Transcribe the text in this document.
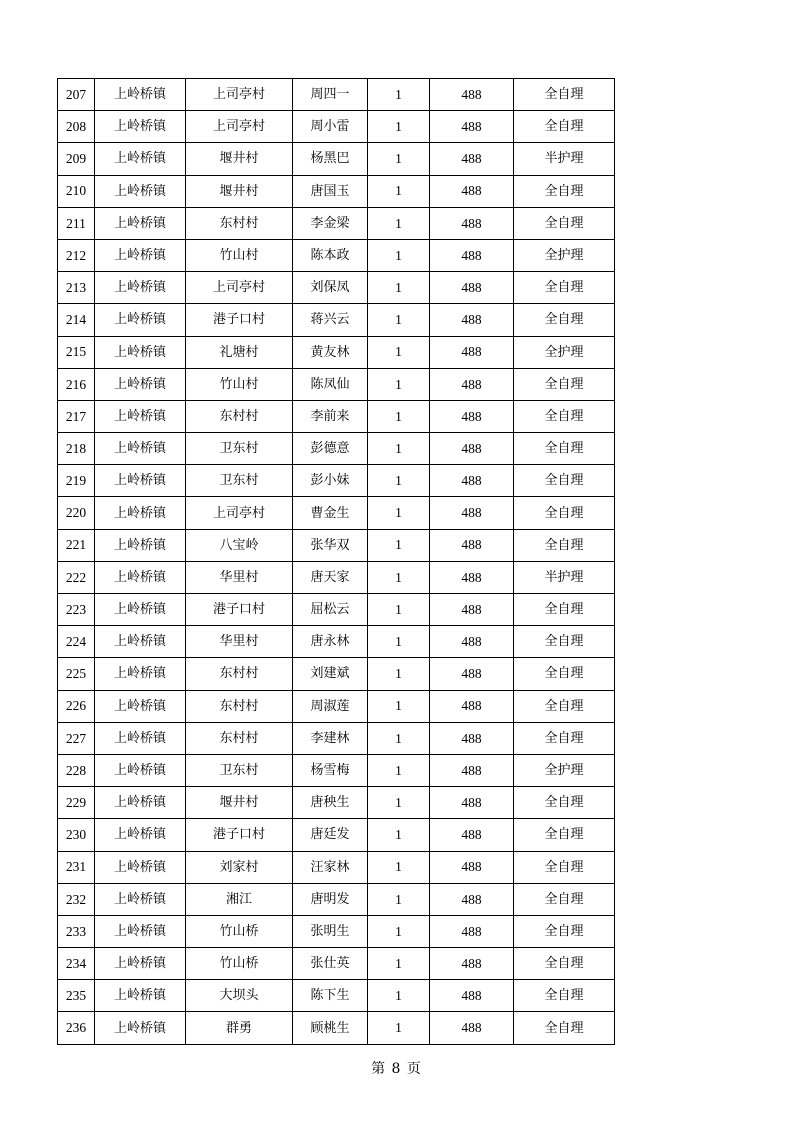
207	上岭桥镇	上司亭村	周四一	1	488	全自理
208	上岭桥镇	上司亭村	周小雷	1	488	全自理
209	上岭桥镇	堰井村	杨黑巴	1	488	半护理
210	上岭桥镇	堰井村	唐国玉	1	488	全自理
211	上岭桥镇	东村村	李金梁	1	488	全自理
212	上岭桥镇	竹山村	陈本政	1	488	全护理
213	上岭桥镇	上司亭村	刘保凤	1	488	全自理
214	上岭桥镇	港子口村	蒋兴云	1	488	全自理
215	上岭桥镇	礼塘村	黄友林	1	488	全护理
216	上岭桥镇	竹山村	陈凤仙	1	488	全自理
217	上岭桥镇	东村村	李前来	1	488	全自理
218	上岭桥镇	卫东村	彭德意	1	488	全自理
219	上岭桥镇	卫东村	彭小妹	1	488	全自理
220	上岭桥镇	上司亭村	曹金生	1	488	全自理
221	上岭桥镇	八宝岭	张华双	1	488	全自理
222	上岭桥镇	华里村	唐天家	1	488	半护理
223	上岭桥镇	港子口村	屈松云	1	488	全自理
224	上岭桥镇	华里村	唐永林	1	488	全自理
225	上岭桥镇	东村村	刘建斌	1	488	全自理
226	上岭桥镇	东村村	周淑莲	1	488	全自理
227	上岭桥镇	东村村	李建林	1	488	全自理
228	上岭桥镇	卫东村	杨雪梅	1	488	全护理
229	上岭桥镇	堰井村	唐秧生	1	488	全自理
230	上岭桥镇	港子口村	唐廷发	1	488	全自理
231	上岭桥镇	刘家村	汪家林	1	488	全自理
232	上岭桥镇	湘江	唐明发	1	488	全自理
233	上岭桥镇	竹山桥	张明生	1	488	全自理
234	上岭桥镇	竹山桥	张仕英	1	488	全自理
235	上岭桥镇	大坝头	陈下生	1	488	全自理
236	上岭桥镇	群勇	顾桃生	1	488	全自理
第 8 页
